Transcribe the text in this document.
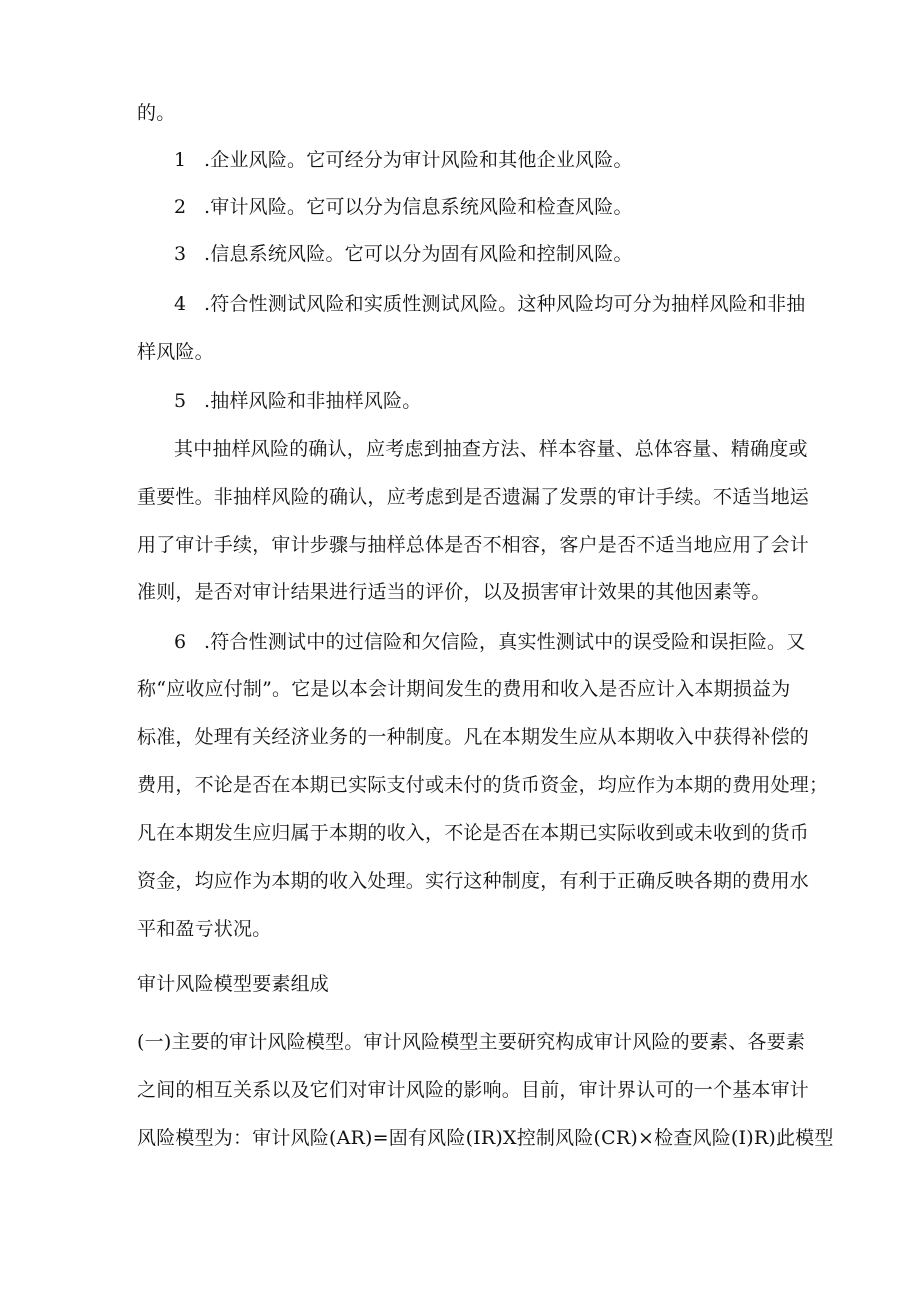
的。
1 .企业风险。它可经分为审计风险和其他企业风险。
2 .审计风险。它可以分为信息系统风险和检查风险。
3 .信息系统风险。它可以分为固有风险和控制风险。
4 .符合性测试风险和实质性测试风险。这种风险均可分为抽样风险和非抽
样风险。
5 .抽样风险和非抽样风险。
其中抽样风险的确认，应考虑到抽查方法、样本容量、总体容量、精确度或
重要性。非抽样风险的确认，应考虑到是否遗漏了发票的审计手续。不适当地运
用了审计手续，审计步骤与抽样总体是否不相容，客户是否不适当地应用了会计
准则，是否对审计结果进行适当的评价，以及损害审计效果的其他因素等。
6 .符合性测试中的过信险和欠信险，真实性测试中的误受险和误拒险。又
称“应收应付制”。它是以本会计期间发生的费用和收入是否应计入本期损益为
标准，处理有关经济业务的一种制度。凡在本期发生应从本期收入中获得补偿的
费用，不论是否在本期已实际支付或未付的货币资金，均应作为本期的费用处理；
凡在本期发生应归属于本期的收入，不论是否在本期已实际收到或未收到的货币
资金，均应作为本期的收入处理。实行这种制度，有利于正确反映各期的费用水
平和盈亏状况。
审计风险模型要素组成
(一)主要的审计风险模型。审计风险模型主要研究构成审计风险的要素、各要素
之间的相互关系以及它们对审计风险的影响。目前，审计界认可的一个基本审计
风险模型为：审计风险(AR)=固有风险(IR)X控制风险(CR)×检查风险(I)R)此模型
